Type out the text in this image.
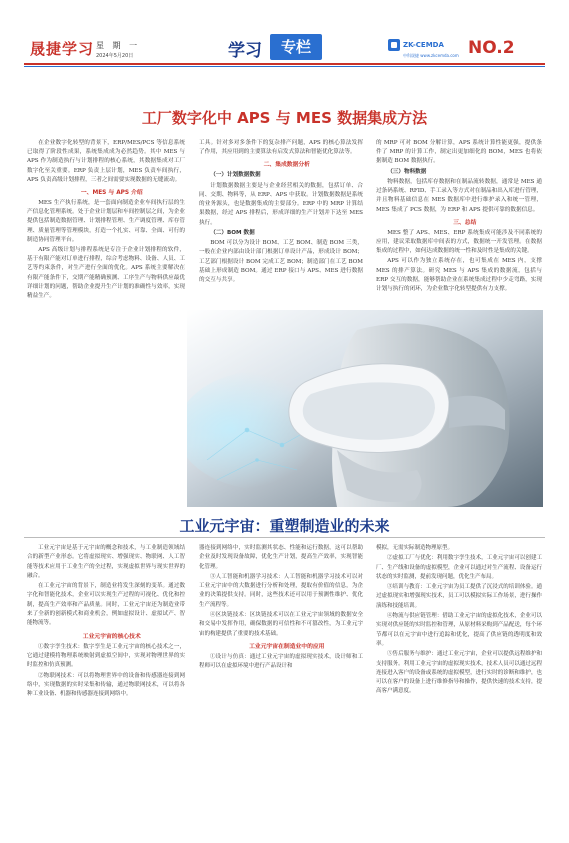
晟捷学习 星 期 一
2024年5月20日	学习	专栏	ZK-CEMDA
中科晟捷 www.zkcemda.com NO.2
工厂数字化中 APS 与 MES 数据集成方法

在企业数字化转型的背景下，ERP/MES/PCS 等信息系统已取得了阶段性成果，系统集成成为必然趋势。其中 MES 与 APS 作为制造执行与计划排程的核心系统，其数据集成对工厂数字化至关重要。ERP 负责上层计划，MES 负责车间执行，APS 负责高级计划排程，三者之间需要实现数据的无缝流动。

一、MES 与 APS 介绍

MES 生产执行系统，是一套面向制造企业车间执行层的生产信息化管理系统。处于企业计划层和车间控制层之间，为企业提供包括制造数据管理、计划排程管理、生产调度管理、库存管理、质量管理等管理模块，打造一个扎实、可靠、全面、可行的制造协同管理平台。

APS 高级计划与排程系统是专注于企业计划排程的软件，基于有限产能对订单进行排程，综合考虑物料、设备、人员、工艺等约束条件，对生产进行全面的优化。APS 系统主要解决在有限产能条件下，交期产能精确预测、工序生产与物料供应最优详细计划的问题，帮助企业提升生产计划的准确性与效率，实现精益生产。

工具。针对多对多条件下的复杂排产问题，APS 的核心算法发挥了作用，其应用到的主要算法有启发式算法和智能优化算法等。

二、集成数据分析

（一）计划数据数据

计划数据数据主要是与企业经营相关的数据，包括订单、合同、交期、物料等，从 ERP、APS 中获取。计划数据数据是系统的业务源头，也是数据集成的主要部分。ERP 中的 MRP 计算结果数据，经过 APS 排程后，形成详细的生产计划并下达至 MES 执行。

（二）BOM 数据

BOM 可以分为设计 BOM、工艺 BOM、制造 BOM 三类，一般在企业内部由设计部门根据订单设计产品，形成设计 BOM；工艺部门根据设计 BOM 完成工艺 BOM；制造部门在工艺 BOM 基础上形成制造 BOM。通过 ERP 接口与 APS、MES 进行数据的交互与共享。

的 MRP 可对 BOM 分解计算，APS 系统计算性能更强，提供条件了 MRP 的计算工作，制定出更加细化的 BOM，MES 也将依据制造 BOM 数据执行。

（三）物料数据

物料数据，包括库存数据和在制品流转数据，通常是 MES 通过条码系统、RFID、手工录入等方式对在制品和出入库进行管理，并且物料基础信息在 MES 数据库中进行维护录入和统一管理，MES 集成了 PCS 数据，为 ERP 和 APS 提供可靠的数据信息。

三、总结

MES 整了 APS、MES、ERP 系统集成可能涉及不同系统的应用，建议采取数据库中间表的方式，数据统一开发管理。在数据集成的过程中，如何达成数据的统一性和及时性是集成的关键。

APS 可以作为独立系统存在，也可集成在 MES 内，支撑 MES 的排产算法。研究 MES 与 APS 集成的数据流，包括与 ERP 交互的数据，能够帮助企业在系统集成过程中少走弯路，实现计划与执行的闭环，为企业数字化转型提供有力支撑。

工业元宇宙：重塑制造业的未来

工业元宇宙是基于元宇宙的概念和技术，与工业制造领域结合的新型产业形态。它将虚拟现实、增强现实、物联网、人工智能等技术应用于工业生产的全过程，实现虚拟世界与现实世界的融合。

在工业元宇宙的背景下，制造业将发生深刻的变革。通过数字化和智能化技术，企业可以实现生产过程的可视化、优化和控制，提高生产效率和产品质量。同时，工业元宇宙还为制造业带来了全新的创新模式和商业机会，例如虚拟设计、虚拟试产、智能物流等。

工业元宇宙的核心技术

①数字孪生技术：数字孪生是工业元宇宙的核心技术之一，它通过建模将物理系统映射到虚拟空间中，实现对物理世界的实时监控和仿真预测。

②物联网技术：可以将物理世界中的设备和传感器连接到网络中，实现数据的实时采集和传输，通过物联网技术，可以将各种工业设备、机器和传感器连接到网络中。

器连接到网络中，实时监测其状态、性能和运行数据，这可以帮助企业及时发现设备故障，优化生产计划，提高生产效率，实现智能化管理。

③人工智能和机器学习技术：人工智能和机器学习技术可以对工业元宇宙中的大数据进行分析和处理，提取有价值的信息，为企业的决策提供支持。同时，这些技术还可以用于预测性维护、优化生产流程等。

④区块链技术：区块链技术可以在工业元宇宙领域的数据安全和交易中发挥作用，确保数据的可信性和不可篡改性，为工业元宇宙的构建提供了重要的技术基础。

工业元宇宙在制造业中的应用

①设计与仿真：通过工业元宇宙的虚拟现实技术，设计师和工程师可以在虚拟环境中进行产品设计和

模拟，无需实际制造物理原型。

②虚拟工厂与优化：利用数字孪生技术，工业元宇宙可以创建工厂、生产线和设备的虚拟模型，企业可以通过对生产流程、设备运行状态的实时监测，提前发现问题，优化生产布局。

③培训与教育：工业元宇宙为员工提供了沉浸式的培训体验。通过虚拟现实和增强现实技术，员工可以模拟实际工作场景，进行操作演练和技能培训。

④物流与供应链管理：借助工业元宇宙的虚拟化技术，企业可以实现对供应链的实时监控和管理，从原材料采购到产品配送，每个环节都可以在元宇宙中进行追踪和优化，提高了供应链的透明度和效率。

⑤售后服务与维护：通过工业元宇宙，企业可以提供远程维护和支持服务。利用工业元宇宙的虚拟现实技术，技术人员可以通过远程连接进入客户的设备或系统的虚拟模型，进行实时的诊断和维护，也可以在客户的设备上进行维修指导和操作，提供快速的技术支持，提高客户满意度。
